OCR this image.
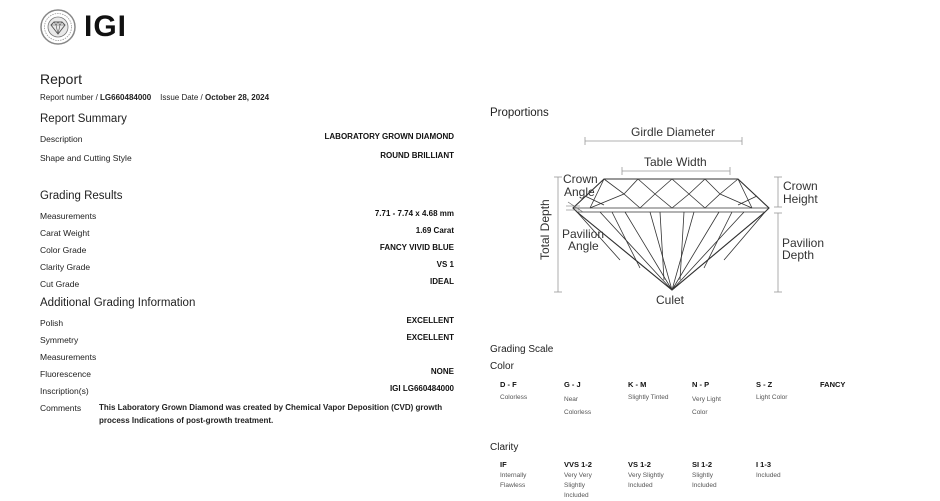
IGI
Report
Report number / LG660484000 Issue Date / October 28, 2024
Report Summary
Description	LABORATORY GROWN DIAMOND
Shape and Cutting Style	ROUND BRILLIANT
Grading Results
Measurements	7.71 - 7.74 x 4.68 mm
Carat Weight	1.69 Carat
Color Grade	FANCY VIVID BLUE
Clarity Grade	VS 1
Cut Grade	IDEAL
Additional Grading Information
Polish	EXCELLENT
Symmetry	EXCELLENT
Measurements
Fluorescence	NONE
Inscription(s)	IGI LG660484000
Comments This Laboratory Grown Diamond was created by Chemical Vapor Deposition (CVD) growth process Indications of post-growth treatment.
Proportions
Girdle Diameter
Table Width
Crown
Angle	Crown
Height
Pavilion
Angle	Pavilion
Depth
Culet
Total Depth
Grading Scale
Color
D - F
Colorless
G - J
Near Colorless
K - M
Slightly Tinted
N - P
Very Light Color
S - Z
Light Color
FANCY
Clarity
IF
Internally Flawless
VVS 1-2
Very Very Slightly Included
VS 1-2
Very Slightly Included
SI 1-2
Slightly Included
I 1-3
Included
